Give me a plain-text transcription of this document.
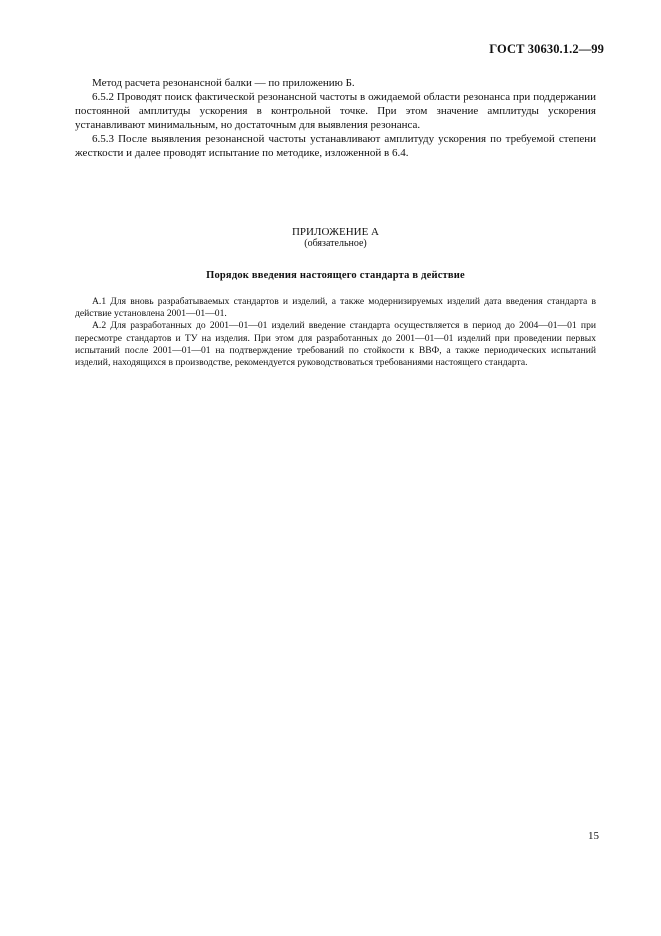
ГОСТ 30630.1.2—99

Метод расчета резонансной балки — по приложению Б.

6.5.2 Проводят поиск фактической резонансной частоты в ожидаемой области резонанса при поддержании постоянной амплитуды ускорения в контрольной точке. При этом значение амплитуды ускорения устанавливают минимальным, но достаточным для выявления резонанса.

6.5.3 После выявления резонансной частоты устанавливают амплитуду ускорения по требуемой степени жесткости и далее проводят испытание по методике, изложенной в 6.4.

ПРИЛОЖЕНИЕ А
(обязательное)
Порядок введения настоящего стандарта в действие

А.1 Для вновь разрабатываемых стандартов и изделий, а также модернизируемых изделий дата введения стандарта в действие установлена 2001—01—01.

А.2 Для разработанных до 2001—01—01 изделий введение стандарта осуществляется в период до 2004—01—01 при пересмотре стандартов и ТУ на изделия. При этом для разработанных до 2001—01—01 изделий при проведении первых испытаний после 2001—01—01 на подтверждение требований по стойкости к ВВФ, а также периодических испытаний изделий, находящихся в производстве, рекомендуется руководствоваться требованиями настоящего стандарта.

15
